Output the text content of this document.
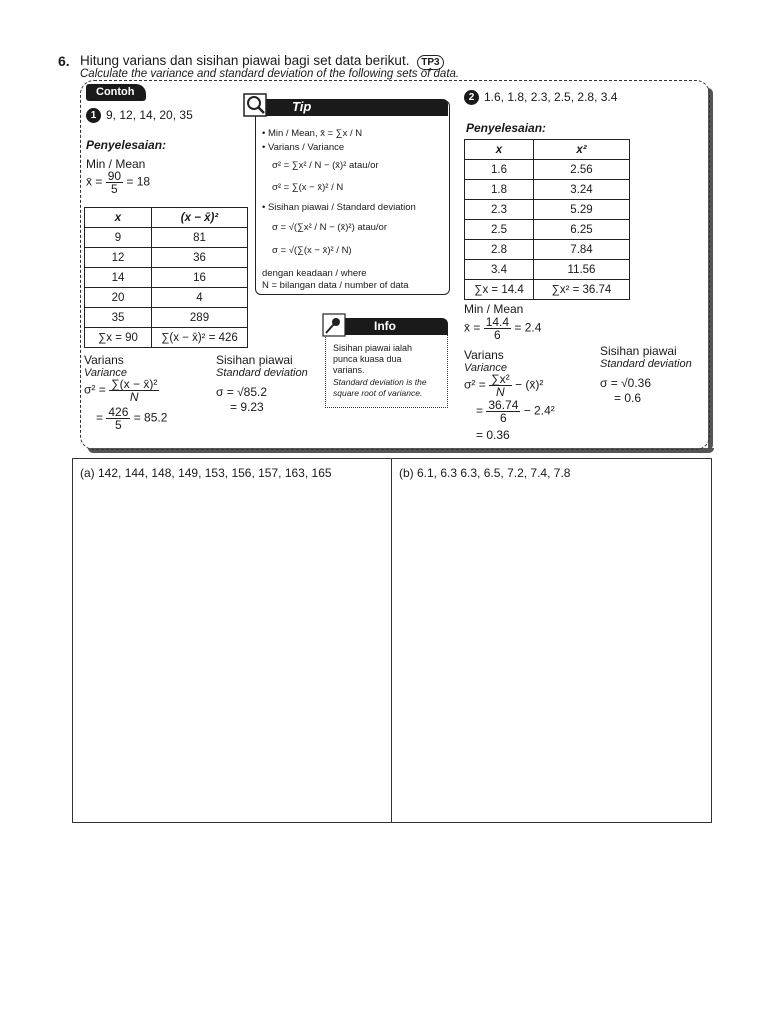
6. Hitung varians dan sisihan piawai bagi set data berikut. TP3
Calculate the variance and standard deviation of the following sets of data.
Contoh
1 9, 12, 14, 20, 35
Penyelesaian:
Min / Mean
x̄ = $\frac{90}{5} = 18$
x	(x − x̄)²
9	81
12	36
14	16
20	4
35	289
∑x = 90	∑(x − x̄)² = 426
Varians
Variance
$\sigma^2 = \frac{\text{∑(x − x̄)²}}{N}$
= $\frac{426}{5} = 85.2$
Sisihan piawai
Standard deviation
σ = √85.2
= 9.23
Tip
• Min / Mean, x̄ = ∑x / N
• Varians / Variance
σ² = ∑x² / N − (x̄)² atau/or
σ² = ∑(x − x̄)² / N
• Sisihan piawai / Standard deviation
σ = √(∑x² / N − (x̄)²) atau/or
σ = √(∑(x − x̄)² / N)
dengan keadaan / where
N = bilangan data / number of data
Info
Sisihan piawai ialah
punca kuasa dua
varians.
Standard deviation is the
square root of variance.
2 1.6, 1.8, 2.3, 2.5, 2.8, 3.4
Penyelesaian:
x	x²
1.6	2.56
1.8	3.24
2.3	5.29
2.5	6.25
2.8	7.84
3.4	11.56
∑x = 14.4	∑x² = 36.74
Min / Mean
x̄ = $\frac{14.4}{6} = 2.4$
Varians
Variance
$\sigma^2 = \frac{\text{∑x²}}{N}$ − (x̄)²
= $\frac{36.74}{6} - 2.4^2$
= 0.36
Sisihan piawai
Standard deviation
σ = √0.36
= 0.6
(a) 142, 144, 148, 149, 153, 156, 157, 163, 165	(b) 6.1, 6.3 6.3, 6.5, 7.2, 7.4, 7.8
